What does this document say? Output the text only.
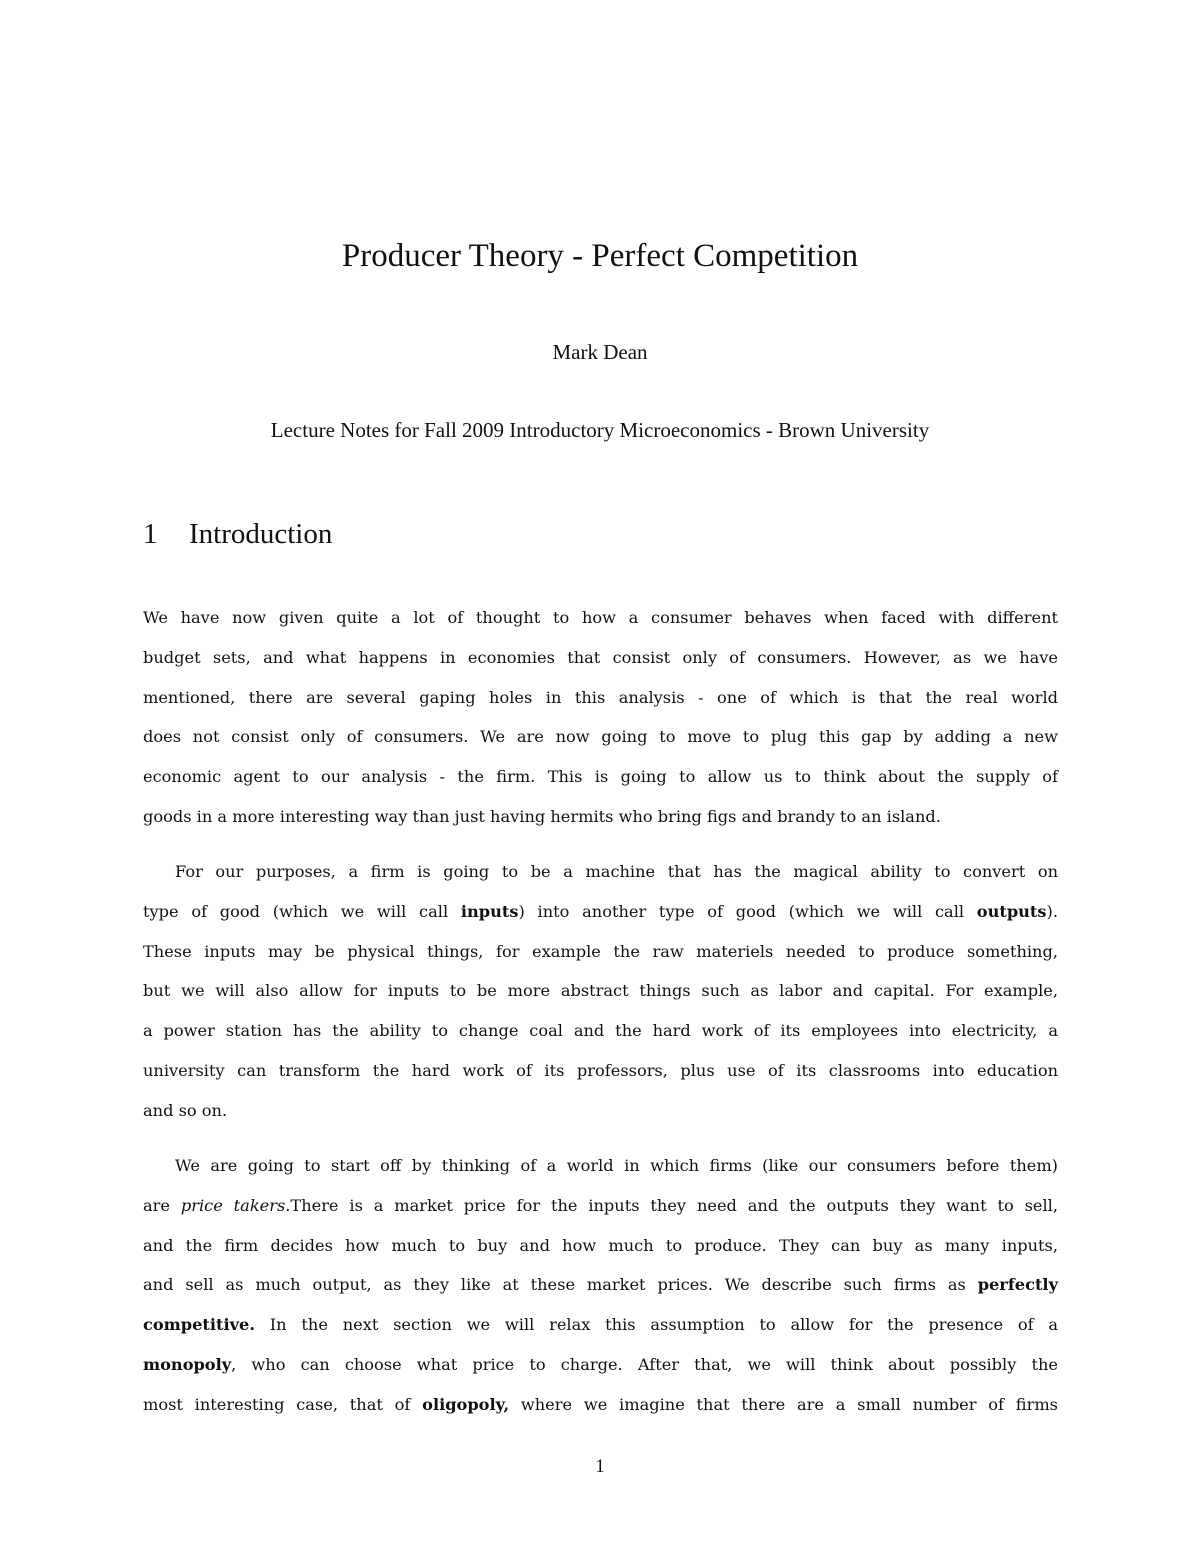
Producer Theory - Perfect Competition
Mark Dean
Lecture Notes for Fall 2009 Introductory Microeconomics - Brown University
1 Introduction
We have now given quite a lot of thought to how a consumer behaves when faced with different
budget sets, and what happens in economies that consist only of consumers. However, as we have
mentioned, there are several gaping holes in this analysis - one of which is that the real world
does not consist only of consumers. We are now going to move to plug this gap by adding a new
economic agent to our analysis - the firm. This is going to allow us to think about the supply of
goods in a more interesting way than just having hermits who bring figs and brandy to an island.
For our purposes, a firm is going to be a machine that has the magical ability to convert on
type of good (which we will call inputs) into another type of good (which we will call outputs).
These inputs may be physical things, for example the raw materiels needed to produce something,
but we will also allow for inputs to be more abstract things such as labor and capital. For example,
a power station has the ability to change coal and the hard work of its employees into electricity, a
university can transform the hard work of its professors, plus use of its classrooms into education
and so on.
We are going to start off by thinking of a world in which firms (like our consumers before them)
are price takers.There is a market price for the inputs they need and the outputs they want to sell,
and the firm decides how much to buy and how much to produce. They can buy as many inputs,
and sell as much output, as they like at these market prices. We describe such firms as perfectly
competitive. In the next section we will relax this assumption to allow for the presence of a
monopoly, who can choose what price to charge. After that, we will think about possibly the
most interesting case, that of oligopoly, where we imagine that there are a small number of firms
1
